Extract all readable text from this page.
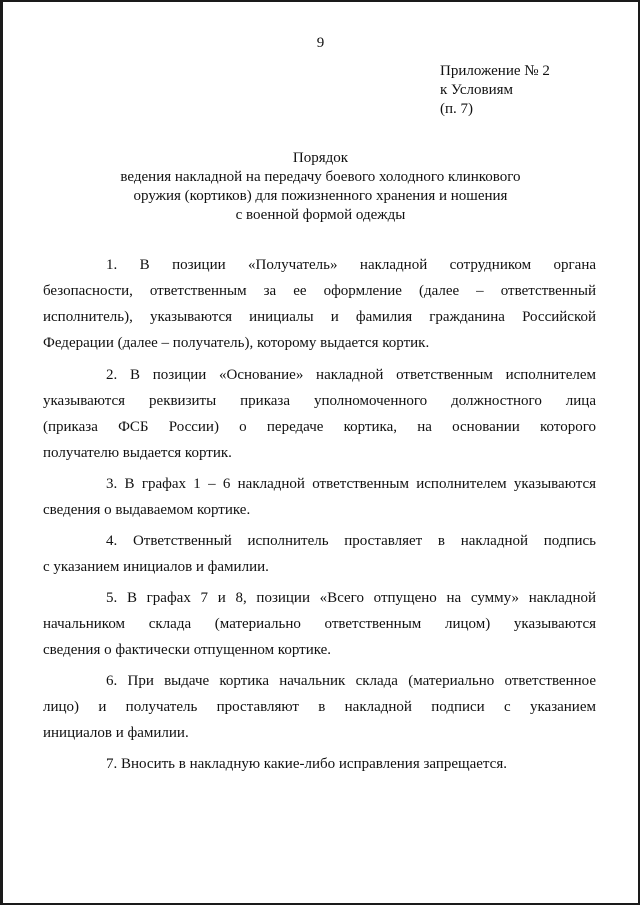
9
Приложение № 2
к Условиям
(п. 7)
Порядок
ведения накладной на передачу боевого холодного клинкового
оружия (кортиков) для пожизненного хранения и ношения
с военной формой одежды
1. В позиции «Получатель» накладной сотрудником органа
безопасности, ответственным за ее оформление (далее – ответственный
исполнитель), указываются инициалы и фамилия гражданина Российской
Федерации (далее – получатель), которому выдается кортик.
2. В позиции «Основание» накладной ответственным исполнителем
указываются реквизиты приказа уполномоченного должностного лица
(приказа ФСБ России) о передаче кортика, на основании которого
получателю выдается кортик.
3. В графах 1 – 6 накладной ответственным исполнителем указываются
сведения о выдаваемом кортике.
4. Ответственный исполнитель проставляет в накладной подпись
с указанием инициалов и фамилии.
5. В графах 7 и 8, позиции «Всего отпущено на сумму» накладной
начальником склада (материально ответственным лицом) указываются
сведения о фактически отпущенном кортике.
6. При выдаче кортика начальник склада (материально ответственное
лицо) и получатель проставляют в накладной подписи с указанием
инициалов и фамилии.
7. Вносить в накладную какие-либо исправления запрещается.
